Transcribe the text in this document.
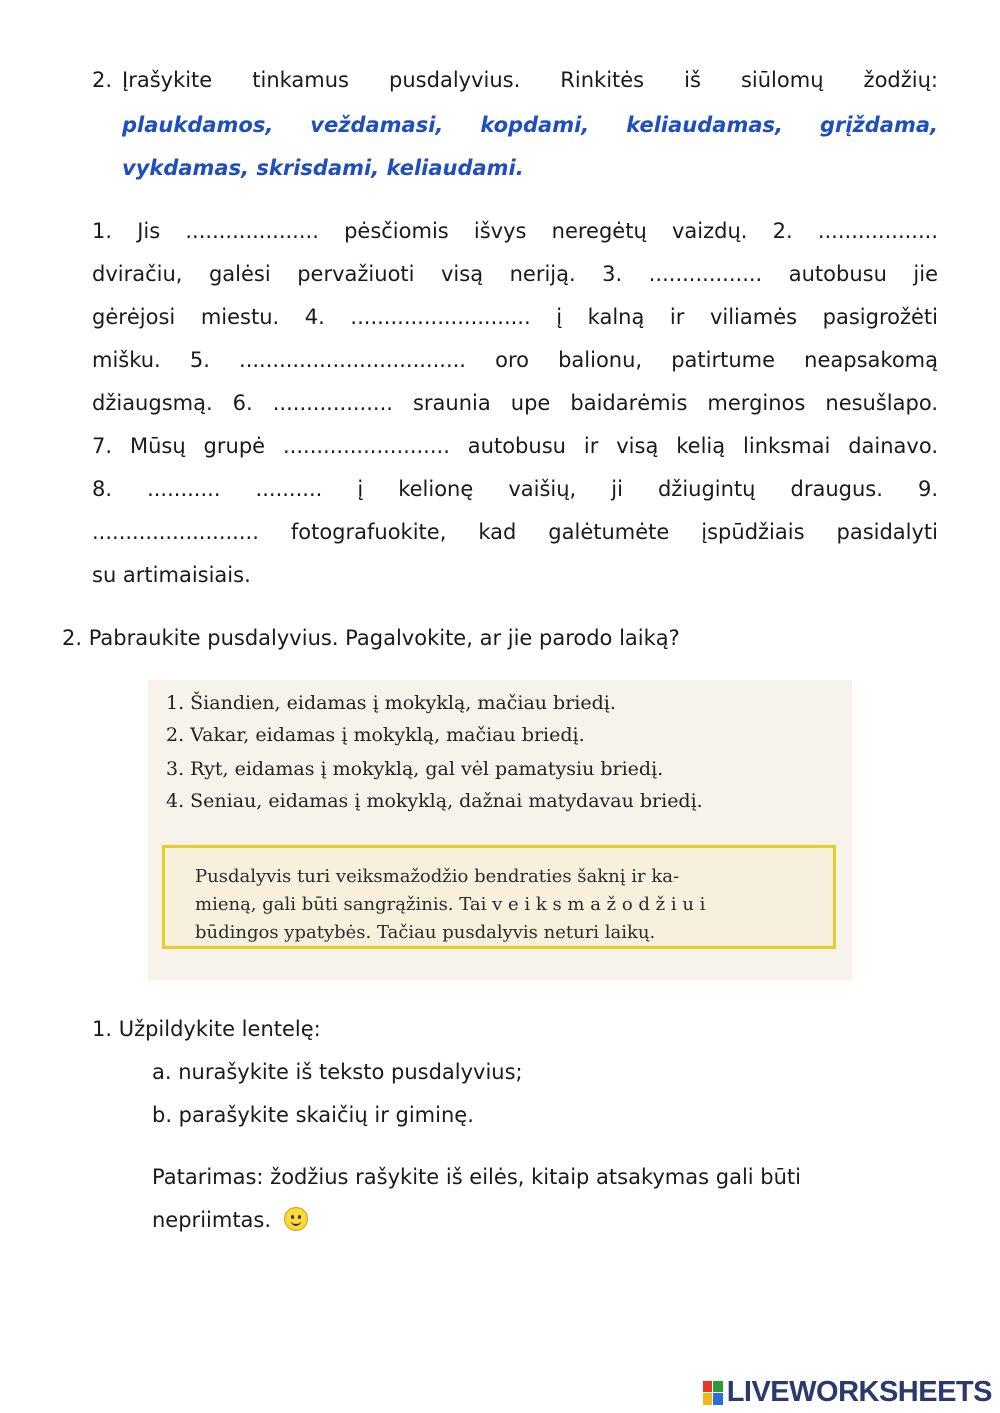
2. Įrašykite tinkamus pusdalyvius. Rinkitės iš siūlomų žodžių:
plaukdamos, veždamasi, kopdami, keliaudamas, grįždama,
vykdamas, skrisdami, keliaudami.
1. Jis .................... pėsčiomis išvys neregėtų vaizdų. 2. ..................
dviračiu, galėsi pervažiuoti visą neriją. 3. ................. autobusu jie
gėrėjosi miestu. 4. ........................... į kalną ir viliamės pasigrožėti
mišku. 5. .................................. oro balionu, patirtume neapsakomą
džiaugsmą. 6. .................. srauniа upe baidarėmis merginos nesušlapo.
7. Mūsų grupė ......................... autobusu ir visą kelią linksmai dainavo.
8. ........... .......... į kelionę vaišių, ji džiugintų draugus. 9.
......................... fotografuokite, kad galėtumėte įspūdžiais pasidalyti
su artimaisiais.
2. Pabraukite pusdalyvius. Pagalvokite, ar jie parodo laiką?
1. Šiandien, eidamas į mokyklą, mačiau briedį.
2. Vakar, eidamas į mokyklą, mačiau briedį.
3. Ryt, eidamas į mokyklą, gal vėl pamatysiu briedį.
4. Seniau, eidamas į mokyklą, dažnai matydavau briedį.
Pusdalyvis turi veiksmažodžio bendraties šaknį ir ka-
mieną, gali būti sangrąžinis. Tai v e i k s m a ž o d ž i u i
būdingos ypatybės. Tačiau pusdalyvis neturi laikų.
1. Užpildykite lentelę:
a. nurašykite iš teksto pusdalyvius;
b. parašykite skaičių ir giminę.
Patarimas: žodžius rašykite iš eilės, kitaip atsakymas gali būti
nepriimtas.
LIVEWORKSHEETS
